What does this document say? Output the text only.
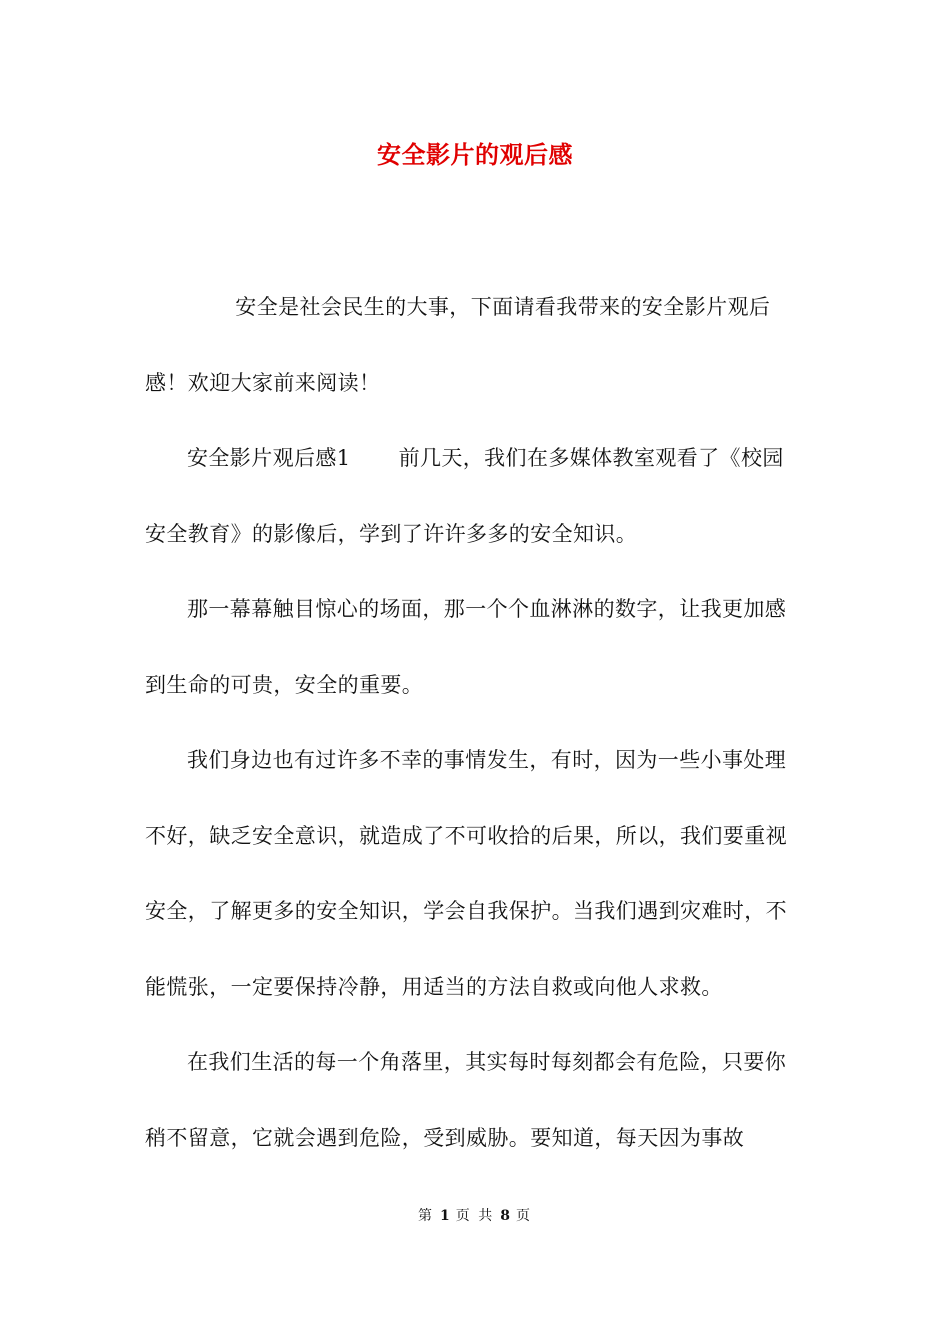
安全影片的观后感

安全是社会民生的大事，下面请看我带来的安全影片观后感！欢迎大家前来阅读！

安全影片观后感1 前几天，我们在多媒体教室观看了《校园安全教育》的影像后，学到了许许多多的安全知识。

那一幕幕触目惊心的场面，那一个个血淋淋的数字，让我更加感到生命的可贵，安全的重要。

我们身边也有过许多不幸的事情发生，有时，因为一些小事处理不好，缺乏安全意识，就造成了不可收拾的后果，所以，我们要重视安全，了解更多的安全知识，学会自我保护。当我们遇到灾难时，不能慌张，一定要保持冷静，用适当的方法自救或向他人求救。

在我们生活的每一个角落里，其实每时每刻都会有危险，只要你稍不留意，它就会遇到危险，受到威胁。要知道，每天因为事故

第 1 页 共 8 页
